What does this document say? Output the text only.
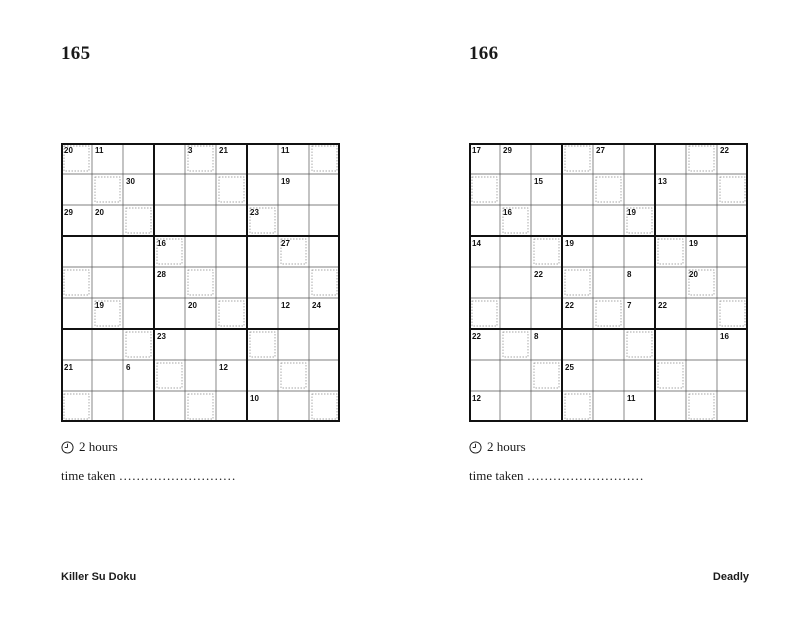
165
20	11	3	21	11
30	19
29	20	23
16	27
28
19	20	12	24
23
21	6	12
10
2 hours
time taken ………………………
166
17	29	27	22
15	13
16	19
14	19	19
22	8	20
22	7	22
22	8	16
25
12	11
2 hours
time taken ………………………
Killer Su Doku	Deadly
